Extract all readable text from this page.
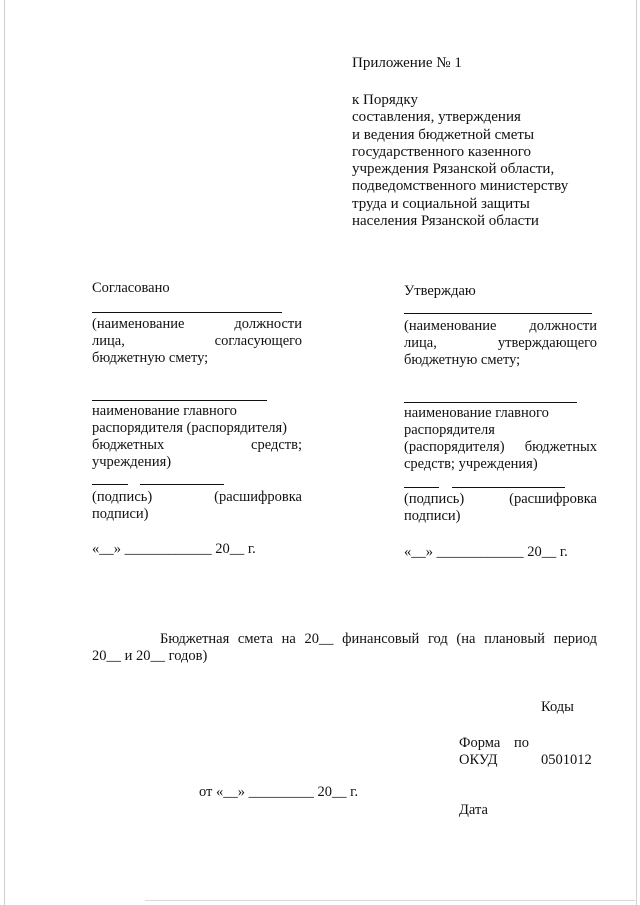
Приложение № 1
к Порядку
составления, утверждения
и ведения бюджетной сметы
государственного казенного
учреждения Рязанской области,
подведомственного министерству
труда и социальной защиты
населения Рязанской области
Согласовано
(наименование должности
лица, согласующего
бюджетную смету;
наименование главного
распорядителя (распорядителя)
бюджетных средств;
учреждения)
(подпись) (расшифровка
подписи)
«__» ____________ 20__ г.
Утверждаю
(наименование должности
лица, утверждающего
бюджетную смету;
наименование главного
распорядителя
(распорядителя) бюджетных
средств; учреждения)
(подпись) (расшифровка
подписи)
«__» ____________ 20__ г.
Бюджетная смета на 20__ финансовый год (на плановый период
20__ и 20__ годов)
Коды
Форма по
ОКУД	0501012
от «__» _________ 20__ г.
Дата
